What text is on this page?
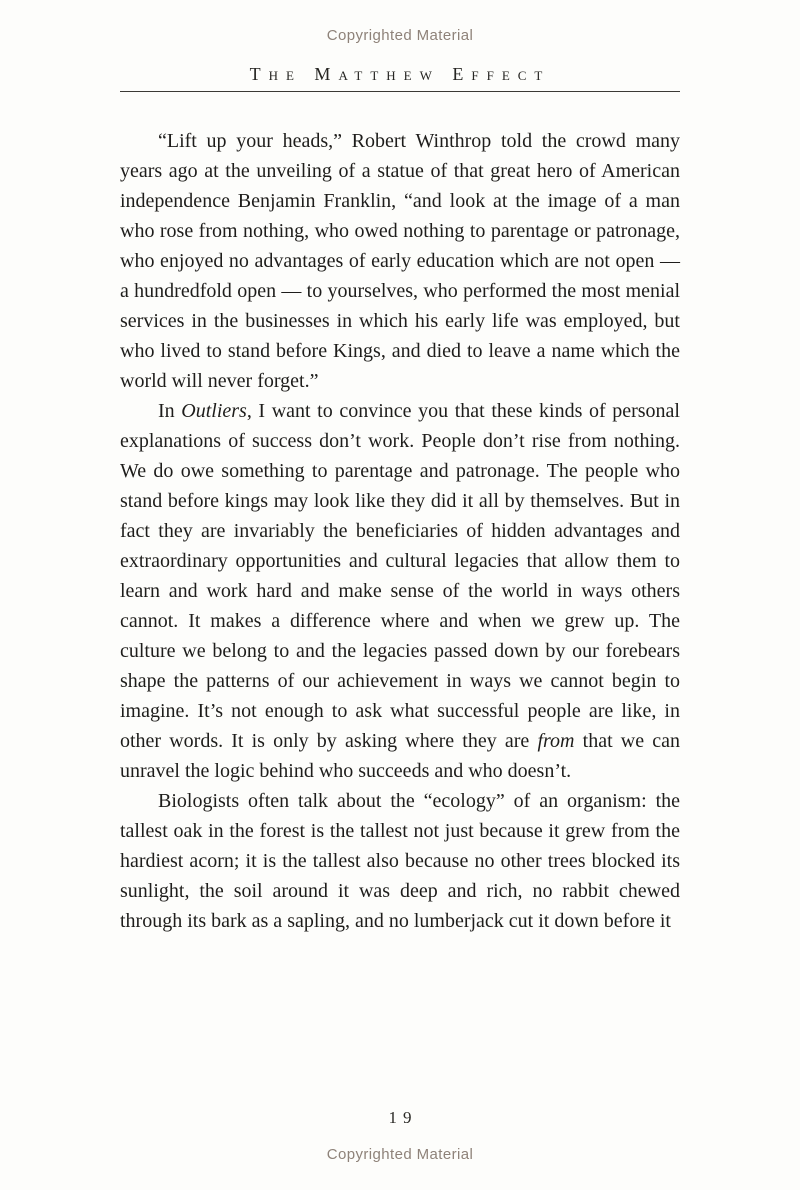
Copyrighted Material
The Matthew Effect

“Lift up your heads,” Robert Winthrop told the crowd many years ago at the unveiling of a statue of that great hero of American independence Benjamin Franklin, “and look at the image of a man who rose from nothing, who owed nothing to parentage or patronage, who enjoyed no advantages of early education which are not open — a hundredfold open — to yourselves, who performed the most menial services in the businesses in which his early life was employed, but who lived to stand before Kings, and died to leave a name which the world will never forget.”

In Outliers, I want to convince you that these kinds of personal explanations of success don’t work. People don’t rise from nothing. We do owe something to parentage and patronage. The people who stand before kings may look like they did it all by themselves. But in fact they are invariably the beneficiaries of hidden advantages and extraordinary opportunities and cultural legacies that allow them to learn and work hard and make sense of the world in ways others cannot. It makes a difference where and when we grew up. The culture we belong to and the legacies passed down by our forebears shape the patterns of our achievement in ways we cannot begin to imagine. It’s not enough to ask what successful people are like, in other words. It is only by asking where they are from that we can unravel the logic behind who succeeds and who doesn’t.

Biologists often talk about the “ecology” of an organism: the tallest oak in the forest is the tallest not just because it grew from the hardiest acorn; it is the tallest also because no other trees blocked its sunlight, the soil around it was deep and rich, no rabbit chewed through its bark as a sapling, and no lumberjack cut it down before it

19
Copyrighted Material
